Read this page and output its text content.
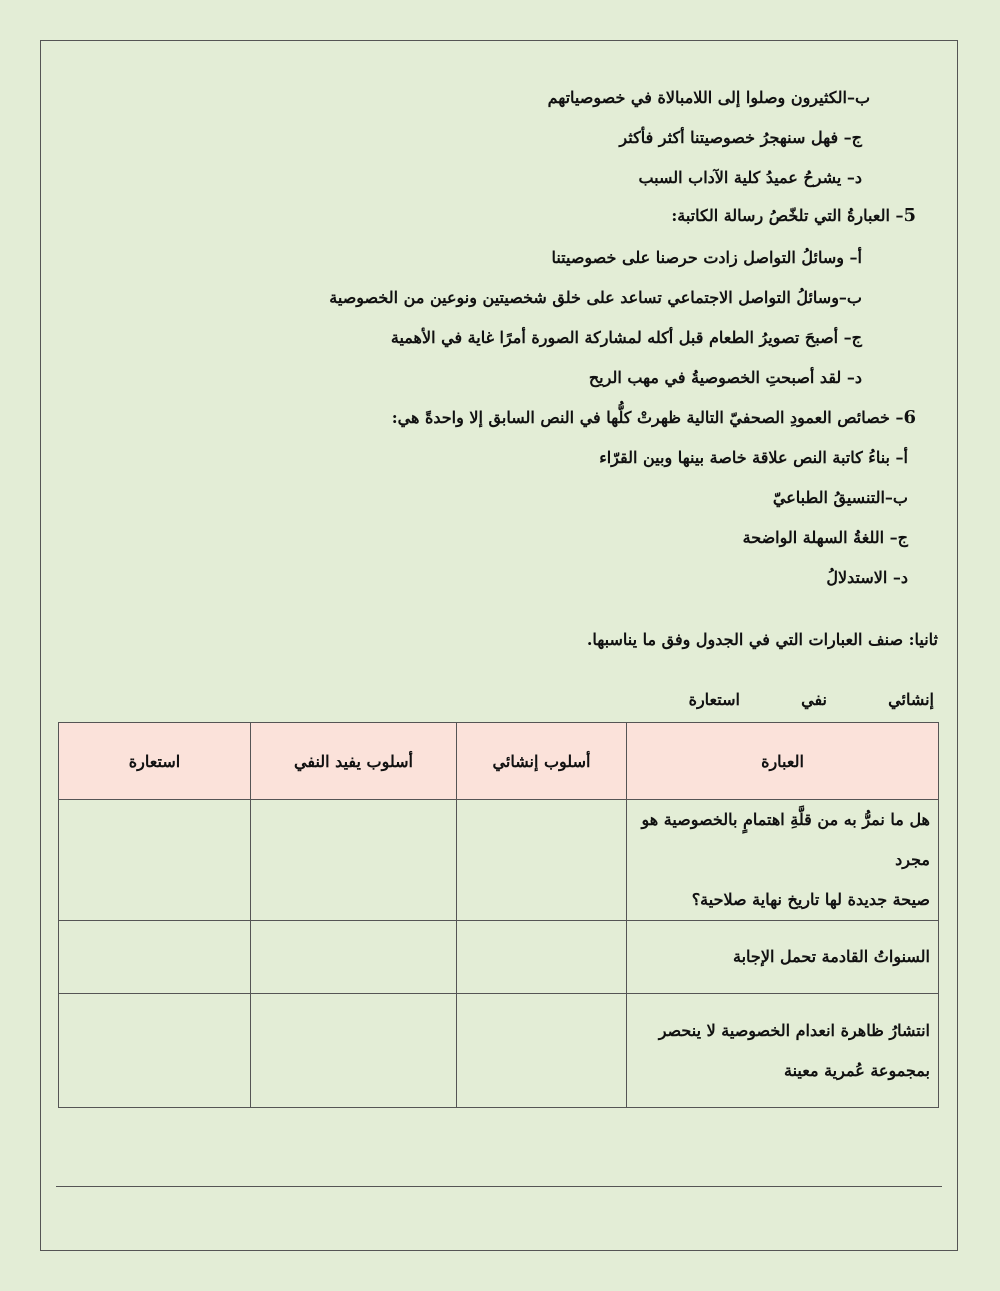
ب–الكثيرون وصلوا إلى اللامبالاة في خصوصياتهم
ج– فهل سنهجرُ خصوصيتنا أكثر فأكثر
د– يشرحُ عميدُ كلية الآداب السبب
5– العبارةُ التي تلخّصُ رسالة الكاتبة:
أ– وسائلُ التواصل زادت حرصنا على خصوصيتنا
ب–وسائلُ التواصل الاجتماعي تساعد على خلق شخصيتين ونوعين من الخصوصية
ج– أصبحَ تصويرُ الطعام قبل أكله لمشاركة الصورة أمرًا غاية في الأهمية
د– لقد أصبحتِ الخصوصيةُ في مهب الريح
6– خصائص العمودِ الصحفيّ التالية ظهرتْ كلُّها في النص السابق إلا واحدةً هي:
أ– بناءُ كاتبة النص علاقة خاصة بينها وبين القرّاء
ب–التنسيقُ الطباعيّ
ج– اللغةُ السهلة الواضحة
د– الاستدلالُ
ثانيا: صنف العبارات التي في الجدول وفق ما يناسبها.
إنشائي  نفي  استعارة
العبارة	أسلوب إنشائي	أسلوب يفيد النفي	استعارة

هل ما نمرُّ به من قلَّةِ اهتمامٍ بالخصوصية هو مجرد
صيحة جديدة لها تاريخ نهاية صلاحية؟			

السنواتُ القادمة تحمل الإجابة			

انتشارُ ظاهرة انعدام الخصوصية لا ينحصر
بمجموعة عُمرية معينة			
